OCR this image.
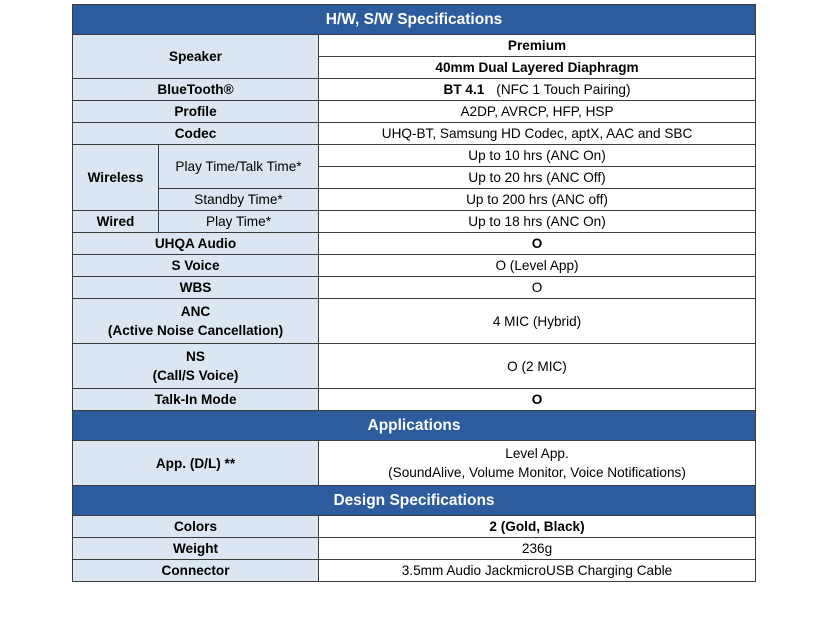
H/W, S/W Specifications		
Speaker		Premium
		40mm Dual Layered Diaphragm
BlueTooth®		BT 4.1 (NFC 1 Touch Pairing)
Profile		A2DP, AVRCP, HFP, HSP
Codec		UHQ-BT, Samsung HD Codec, aptX, AAC and SBC
Wireless	Play Time/Talk Time*	Up to 10 hrs (ANC On)
		Up to 20 hrs (ANC Off)
	Standby Time*	Up to 200 hrs (ANC off)
Wired	Play Time*	Up to 18 hrs (ANC On)
UHQA Audio		O
S Voice		O (Level App)
WBS		O

ANC
(Active Noise Cancellation)		4 MIC (Hybrid)

NS
(Call/S Voice)		O (2 MIC)
Talk-In Mode		O
Applications		
App. (D/L) **		Level App.
(SoundAlive, Volume Monitor, Voice Notifications)

Design Specifications		
Colors		2 (Gold, Black)
Weight		236g
Connector		3.5mm Audio JackmicroUSB Charging Cable
